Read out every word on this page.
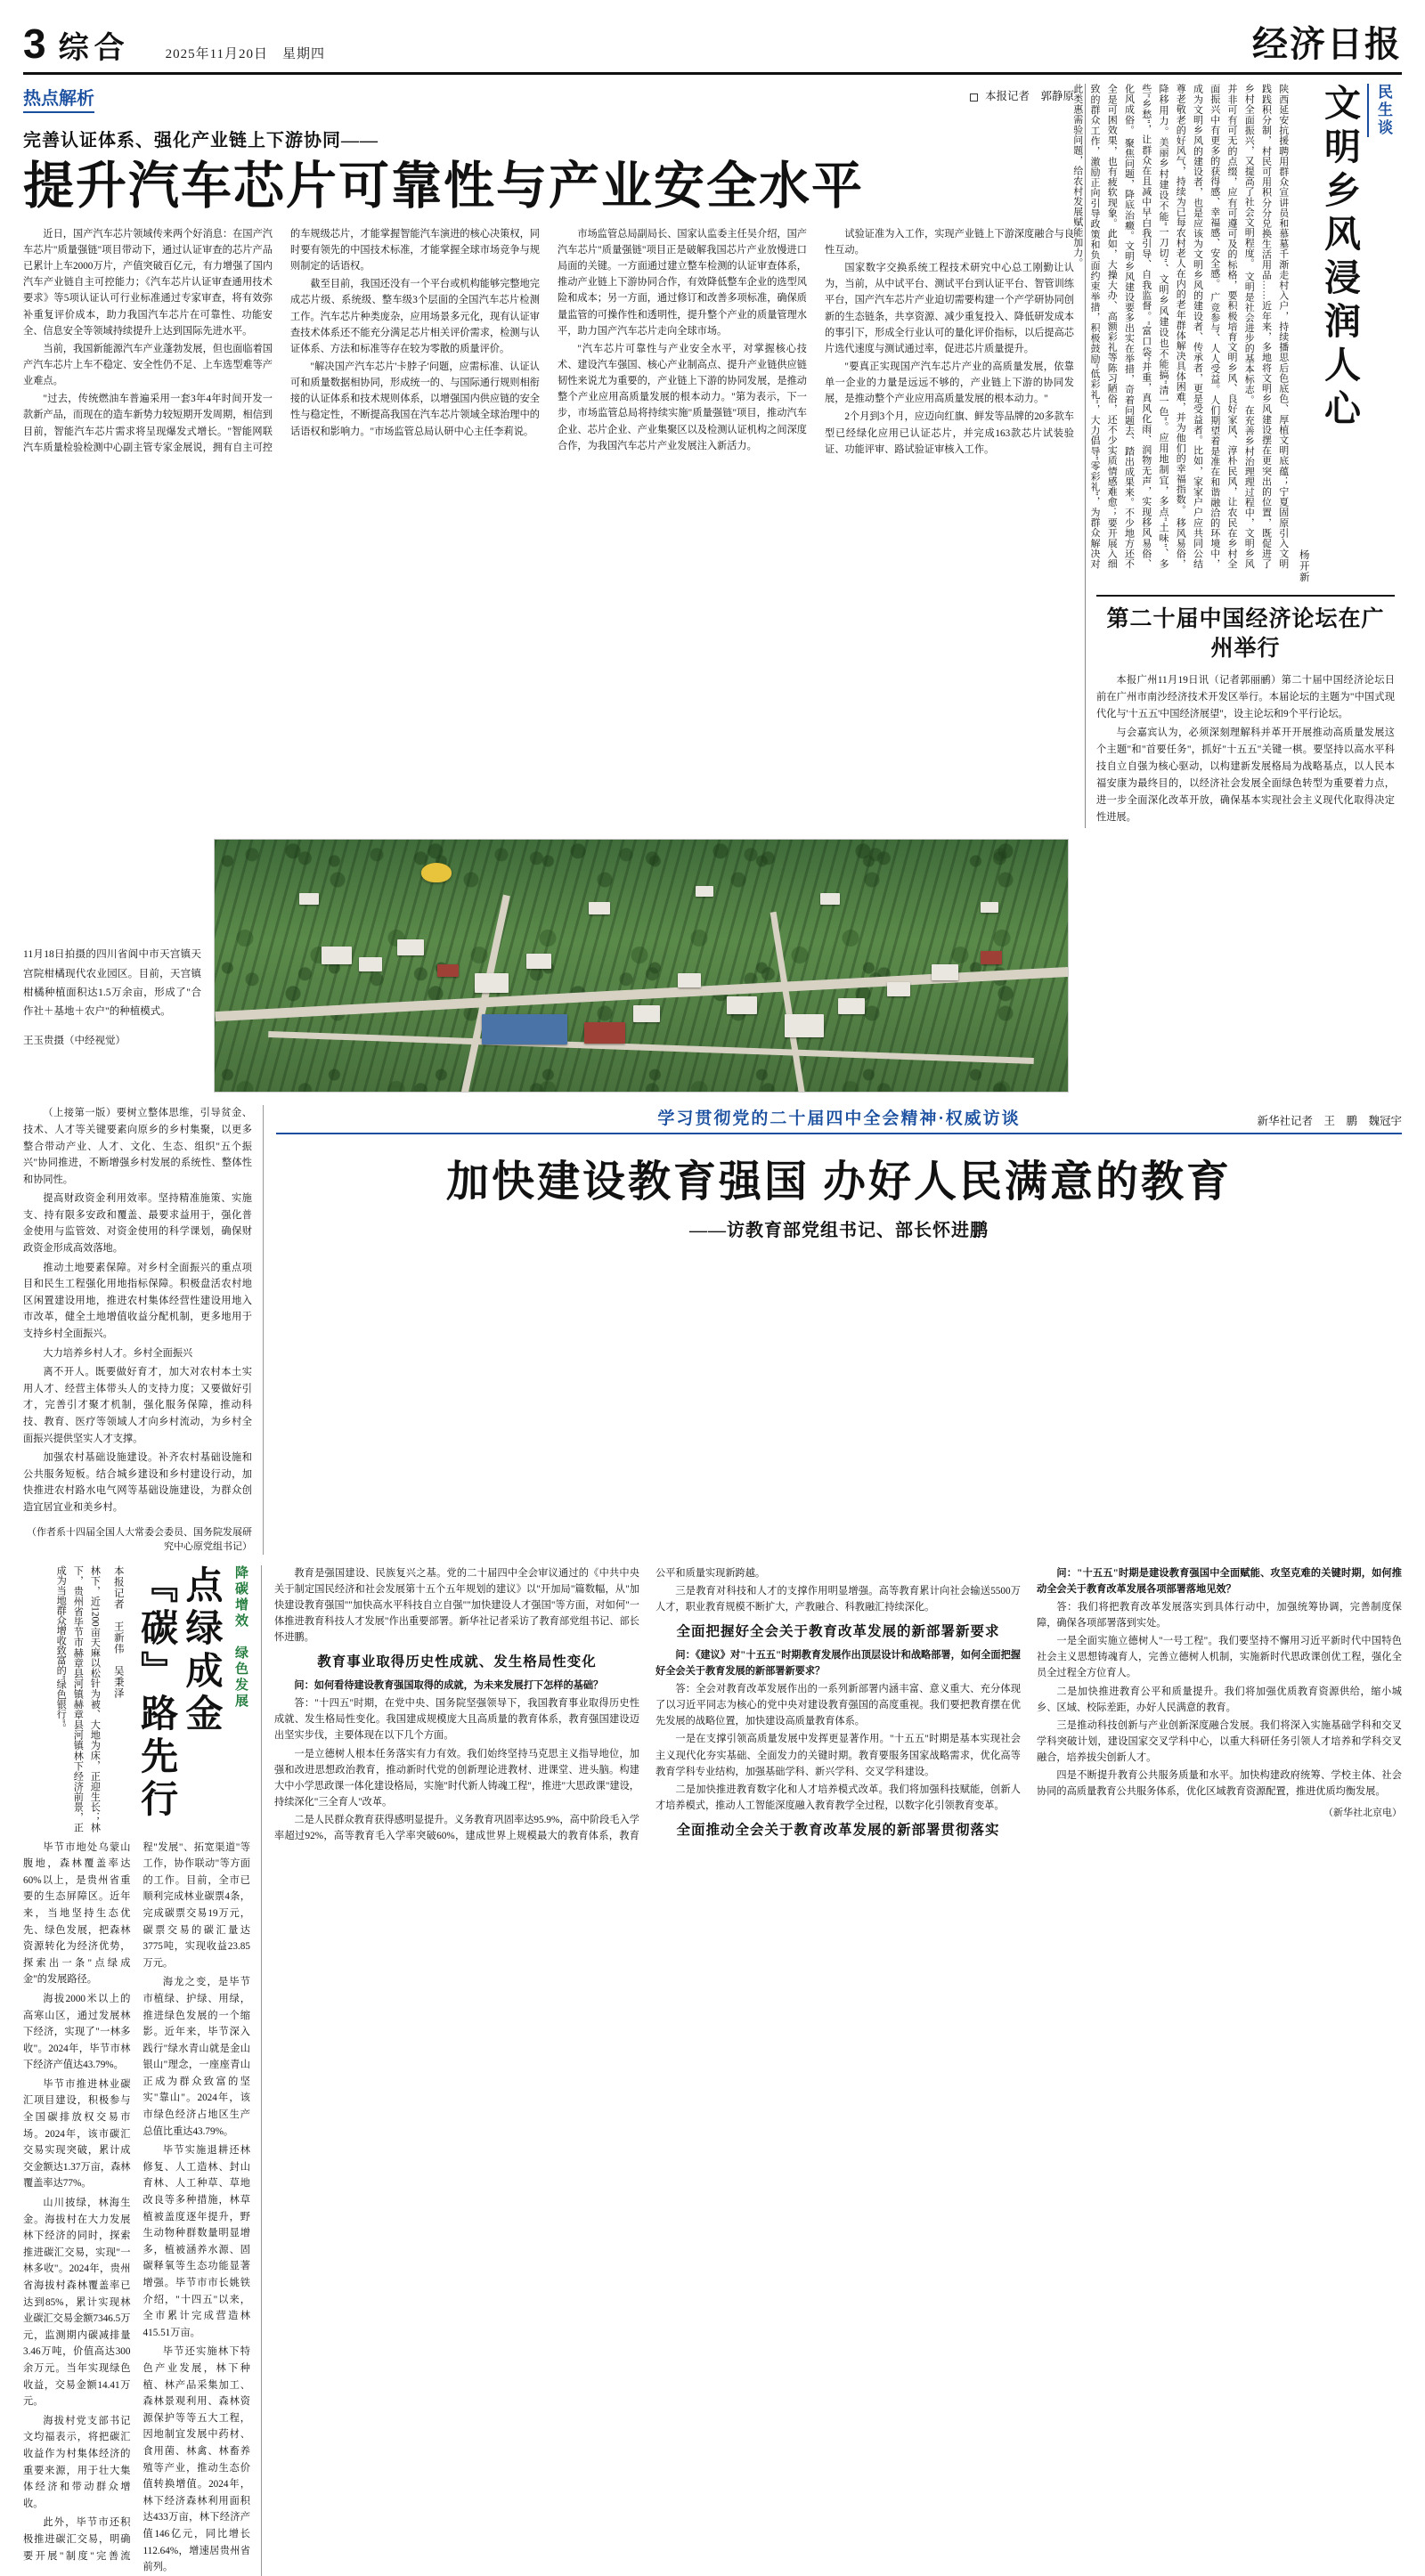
3 综合	2025年11月20日　星期四	经济日报
热点解析	本报记者　郭静原
完善认证体系、强化产业链上下游协同——
提升汽车芯片可靠性与产业安全水平

近日，国产汽车芯片领域传来两个好消息：在国产汽车芯片"质量强链"项目带动下，通过认证审查的芯片产品已累计上车2000万片，产值突破百亿元，有力增强了国内汽车产业链自主可控能力；《汽车芯片认证审查通用技术要求》等5项认证认可行业标准通过专家审查，将有效弥补重复评价成本，助力我国汽车芯片在可靠性、功能安全、信息安全等领域持续提升上达到国际先进水平。

当前，我国新能源汽车产业蓬勃发展，但也面临着国产汽车芯片上车不稳定、安全性仍不足、上车选型难等产业难点。

"过去，传统燃油车普遍采用一套3年4年时间开发一款新产品，而现在的造车新势力较短期开发周期，相信到目前，智能汽车芯片需求将呈现爆发式增长。"智能网联汽车质量检验检测中心副主管专家金展说，拥有自主可控的车规级芯片，才能掌握智能汽车演进的核心决策权，同时要有领先的中国技术标准，才能掌握全球市场竞争与规则制定的话语权。

截至目前，我国还没有一个平台或机构能够完整地完成芯片级、系统级、整车级3个层面的全国汽车芯片检测工作。汽车芯片种类庞杂，应用场景多元化，现有认证审查技术体系还不能充分满足芯片相关评价需求，检测与认证体系、方法和标准等存在较为零散的质量评价。

"解决国产汽车芯片'卡脖子'问题，应需标准、认证认可和质量数据相协同，形成统一的、与国际通行规则相衔接的认证体系和技术规则体系，以增强国内供应链的安全性与稳定性，不断提高我国在汽车芯片领域全球治理中的话语权和影响力。"市场监管总局认研中心主任李莉说。

市场监管总局副局长、国家认监委主任吴介绍，国产汽车芯片"质量强链"项目正是破解我国芯片产业放慢进口局面的关键。一方面通过建立整车检测的认证审查体系，推动产业链上下游协同合作，有效降低整车企业的选型风险和成本；另一方面，通过修订和改善多项标准，确保质量监管的可操作性和透明性，提升整个产业的质量管理水平，助力国产汽车芯片走向全球市场。

"汽车芯片可靠性与产业安全水平，对掌握核心技术、建设汽车强国、核心产业制高点、提升产业链供应链韧性来说尤为重要的，产业链上下游的协同发展，是推动整个产业应用高质量发展的根本动力。"第为表示，下一步，市场监管总局将持续实施"质量强链"项目，推动汽车企业、芯片企业、产业集聚区以及检测认证机构之间深度合作，为我国汽车芯片产业发展注入新活力。

试验证准为入工作，实现产业链上下游深度融合与良性互动。

国家数字交换系统工程技术研究中心总工刚勤让认为，当前，从中试平台、测试平台到认证平台、智管训练平台，国产汽车芯片产业迫切需要构建一个产学研协同创新的生态链条，共享资源、减少重复投入、降低研发成本的事引下，形成全行业认可的量化评价指标，以后提高芯片选代速度与测试通过率，促进芯片质量提升。

"要真正实现国产汽车芯片产业的高质量发展，依靠单一企业的力量是远远不够的，产业链上下游的协同发展，是推动整个产业应用高质量发展的根本动力。"

2个月到3个月，应迈向红旗、鲜发等品牌的20多款车型已经绿化应用已认证芯片，并完成163款芯片试装验证、功能评审、路试验证审核入工作。

民生谈
文明乡风浸润人心
杨开新
陕西延安抗援聘用群众宣讲员和慕墓千渐走村入户，持续播思后色底色、厚植文明底蕴；宁夏固原引入文明践践积分制，村民可用积分分兑换生活用品……近年来，多地将文明乡风建设摆在更突出的位置，既促进了乡村全面振兴，又提高了社会文明程度。 文明是社会进步的基本标志。在充善乡村治理理过程中，文明乡风并非可有可无的点缀，应有可遵可及的标格，要积极培育文明乡风、良好家风、淳朴民风，让农民在乡村全面振兴中有更多的获得感、幸福感、安全感。 广竞参与、人人受益。人们期望着是准在和谐融洽的环境中，成为文明乡风的建设者，也是应该为文明乡风的建设者、传承者，更是受益者。比如，家家户户应共同公结尊老敬老的好风气，持续为已每农村老人在内的老年群体解决具体困难，并为他们的幸福指数。 移风易俗，降移用力。美丽乡村建设不能"一刀切"、文明乡风建设也不能搞"清一色"。应用地制宜，多点"土味"、多些"乡愁"，让群众在且减中早白我引导、自我监督。"富口袋"并重，真风化雨、润物无声，实现移风易俗、化风成俗。 聚焦问题，降底治癥。文明乡风建设要多出实在举措，奇着问题去、踏出成果来。不少地方还不全是可困效果，也有疲软现象。此如，大操大办、高额彩礼等陈习陋俗，还不少实质情感难愈；要开展入细致的群众工作，激励正向引导政策和负面约束举措，积极鼓励"低彩礼"，大力倡导"零彩礼"，为群众解决对此类惠需验问题，给农村发展赋能加力。
第二十届中国经济论坛在广州举行

本报广州11月19日讯（记者郭丽鹂）第二十届中国经济论坛日前在广州市南沙经济技术开发区举行。本届论坛的主题为"中国式现代化与'十五五'中国经济展望"，设主论坛和9个平行论坛。

与会嘉宾认为，必须深刻理解科并革开开展推动高质量发展这个主题"和"首要任务"，抓好"十五五"关键一棋。要坚持以高水平科技自立自强为核心驱动，以构建新发展格局为战略基点，以人民本福安康为最终目的，以经济社会发展全面绿色转型为重要着力点，进一步全面深化改革开放，确保基本实现社会主义现代化取得决定性进展。

11月18日拍摄的四川省阆中市天宫镇天宫院柑橘现代农业园区。目前，天宫镇柑橘种植面积达1.5万余亩，形成了"合作社＋基地＋农户"的种植模式。
王玉贵摄（中经视觉）

（上接第一版）要树立整体思维，引导贫金、技术、人才等关键要素向原乡的乡村集聚，以更多整合带动产业、人才、文化、生态、组织"五个振兴"协同推进，不断增强乡村发展的系统性、整体性和协同性。

提高财政资金利用效率。坚持精准施策、实施支、持有限多安政和覆盖、最要求益用于，强化普金使用与监管效、对资金使用的科学课划，确保财政资金形成高效落地。

推动土地要素保障。对乡村全面振兴的重点项目和民生工程强化用地指标保障。积极盘活农村地区闲置建设用地，推进农村集体经营性建设用地入市改革，健全土地增值收益分配机制，更多地用于支持乡村全面振兴。

大力培养乡村人才。乡村全面振兴

离不开人。既要做好育才，加大对农村本土实用人才、经营主体带头人的支持力度；又要做好引才，完善引才聚才机制，强化服务保障，推动科技、教育、医疗等领域人才向乡村流动，为乡村全面振兴提供坚实人才支撑。

加强农村基础设施建设。补齐农村基础设施和公共服务短板。结合城乡建设和乡村建设行动，加快推进农村路水电气网等基础设施建设，为群众创造宜居宜业和美乡村。

（作者系十四届全国人大常委会委员、国务院发展研究中心原党组书记）
学习贯彻党的二十届四中全会精神·权威访谈	新华社记者　王　鹏　魏冠宇
加快建设教育强国 办好人民满意的教育
——访教育部党组书记、部长怀进鹏
降碳增效　绿色发展
点绿成金　『碳』路先行
本报记者　王新伟　吴秉泽
林下，近1200亩天麻以松针为被、大地为床，正迎生长；林下，贵州省毕节市赫章县河镇赫章县河镇林下经济前景，正成为当地群众增收致富的"绿色银行"。

毕节市地处乌蒙山腹地，森林覆盖率达60%以上，是贵州省重要的生态屏障区。近年来，当地坚持生态优先、绿色发展，把森林资源转化为经济优势，探索出一条"点绿成金"的发展路径。

海拔2000米以上的高寒山区，通过发展林下经济，实现了"一林多收"。2024年，毕节市林下经济产值达43.79%。

毕节市推进林业碳汇项目建设，积极参与全国碳排放权交易市场。2024年，该市碳汇交易实现突破，累计成交金额达1.37万亩，森林覆盖率达77%。

山川披绿，林海生金。海拔村在大力发展林下经济的同时，探索推进碳汇交易，实现"一林多收"。2024年，贵州省海拔村森林覆盖率已达到85%，累计实现林业碳汇交易金额7346.5万元，监测期内碳减排量3.46万吨，价值高达300余万元。当年实现绿色收益，交易金额14.41万元。

海拔村党支部书记文均福表示，将把碳汇收益作为村集体经济的重要来源，用于壮大集体经济和带动群众增收。

此外，毕节市还积极推进碳汇交易，明确要开展"制度"完善流程"发展"、拓宽渠道"等工作，协作联动"等方面的工作。目前，全市已顺利完成林业碳票4条，完成碳票交易19万元，碳票交易的碳汇量达3775吨，实现收益23.85万元。

海龙之变，是毕节市植绿、护绿、用绿，推进绿色发展的一个缩影。近年来，毕节深入践行"绿水青山就是金山银山"理念，一座座青山正成为群众致富的坚实"靠山"。2024年，该市绿色经济占地区生产总值比重达43.79%。

毕节实施退耕还林修复、人工造林、封山育林、人工种草、草地改良等多种措施，林草植被盖度逐年提升，野生动物种群数量明显增多，植被涵养水源、固碳释氧等生态功能显著增强。毕节市市长姚铁介绍，"十四五"以来，全市累计完成营造林415.51万亩。

毕节还实施林下特色产业发展，林下种植、林产品采集加工、森林景观利用、森林资源保护等等五大工程，因地制宜发展中药材、食用菌、林禽、林畜养殖等产业，推动生态价值转换增值。2024年，林下经济森林利用面积达433万亩，林下经济产值146亿元，同比增长112.64%，增速居贵州省前列。

教育是强国建设、民族复兴之基。党的二十届四中全会审议通过的《中共中央关于制定国民经济和社会发展第十五个五年规划的建议》以"开加局"篇数幅，从"加快建设教育强国""加快高水平科技自立自强""加快建设人才强国"等方面，对如何"一体推进教育科技人才发展"作出重要部署。新华社记者采访了教育部党组书记、部长怀进鹏。

教育事业取得历史性成就、发生格局性变化

问：如何看待建设教育强国取得的成就，为未来发展打下怎样的基础？

答："十四五"时期，在党中央、国务院坚强领导下，我国教育事业取得历史性成就、发生格局性变化。我国建成规模庞大且高质量的教育体系，教育强国建设迈出坚实步伐，主要体现在以下几个方面。

一是立德树人根本任务落实有力有效。我们始终坚持马克思主义指导地位，加强和改进思想政治教育，推动新时代党的创新理论进教材、进课堂、进头脑。构建大中小学思政课一体化建设格局，实施"时代新人铸魂工程"，推进"大思政课"建设，持续深化"三全育人"改革。

二是人民群众教育获得感明显提升。义务教育巩固率达95.9%，高中阶段毛入学率超过92%，高等教育毛入学率突破60%，建成世界上规模最大的教育体系，教育公平和质量实现新跨越。

三是教育对科技和人才的支撑作用明显增强。高等教育累计向社会输送5500万人才，职业教育规模不断扩大，产教融合、科教融汇持续深化。

全面把握好全会关于教育改革发展的新部署新要求

问：《建议》对"十五五"时期教育发展作出顶层设计和战略部署，如何全面把握好全会关于教育发展的新部署新要求？

答：全会对教育改革发展作出的一系列新部署内涵丰富、意义重大、充分体现了以习近平同志为核心的党中央对建设教育强国的高度重视。我们要把教育摆在优先发展的战略位置，加快建设高质量教育体系。

一是在支撑引领高质量发展中发挥更显著作用。"十五五"时期是基本实现社会主义现代化夯实基础、全面发力的关键时期。教育要服务国家战略需求，优化高等教育学科专业结构，加强基础学科、新兴学科、交叉学科建设。

二是加快推进教育数字化和人才培养模式改革。我们将加强科技赋能，创新人才培养模式，推动人工智能深度融入教育教学全过程，以数字化引领教育变革。

全面推动全会关于教育改革发展的新部署贯彻落实

问："十五五"时期是建设教育强国中全面赋能、攻坚克难的关键时期，如何推动全会关于教育改革发展各项部署落地见效？

答：我们将把教育改革发展落实到具体行动中，加强统筹协调，完善制度保障，确保各项部署落到实处。

一是全面实施立德树人"一号工程"。我们要坚持不懈用习近平新时代中国特色社会主义思想铸魂育人，完善立德树人机制，实施新时代思政课创优工程，强化全员全过程全方位育人。

二是加快推进教育公平和质量提升。我们将加强优质教育资源供给，缩小城乡、区域、校际差距，办好人民满意的教育。

三是推动科技创新与产业创新深度融合发展。我们将深入实施基础学科和交叉学科突破计划，建设国家交叉学科中心，以重大科研任务引领人才培养和学科交叉融合，培养拔尖创新人才。

四是不断提升教育公共服务质量和水平。加快构建政府统筹、学校主体、社会协同的高质量教育公共服务体系，优化区域教育资源配置，推进优质均衡发展。

（新华社北京电）
